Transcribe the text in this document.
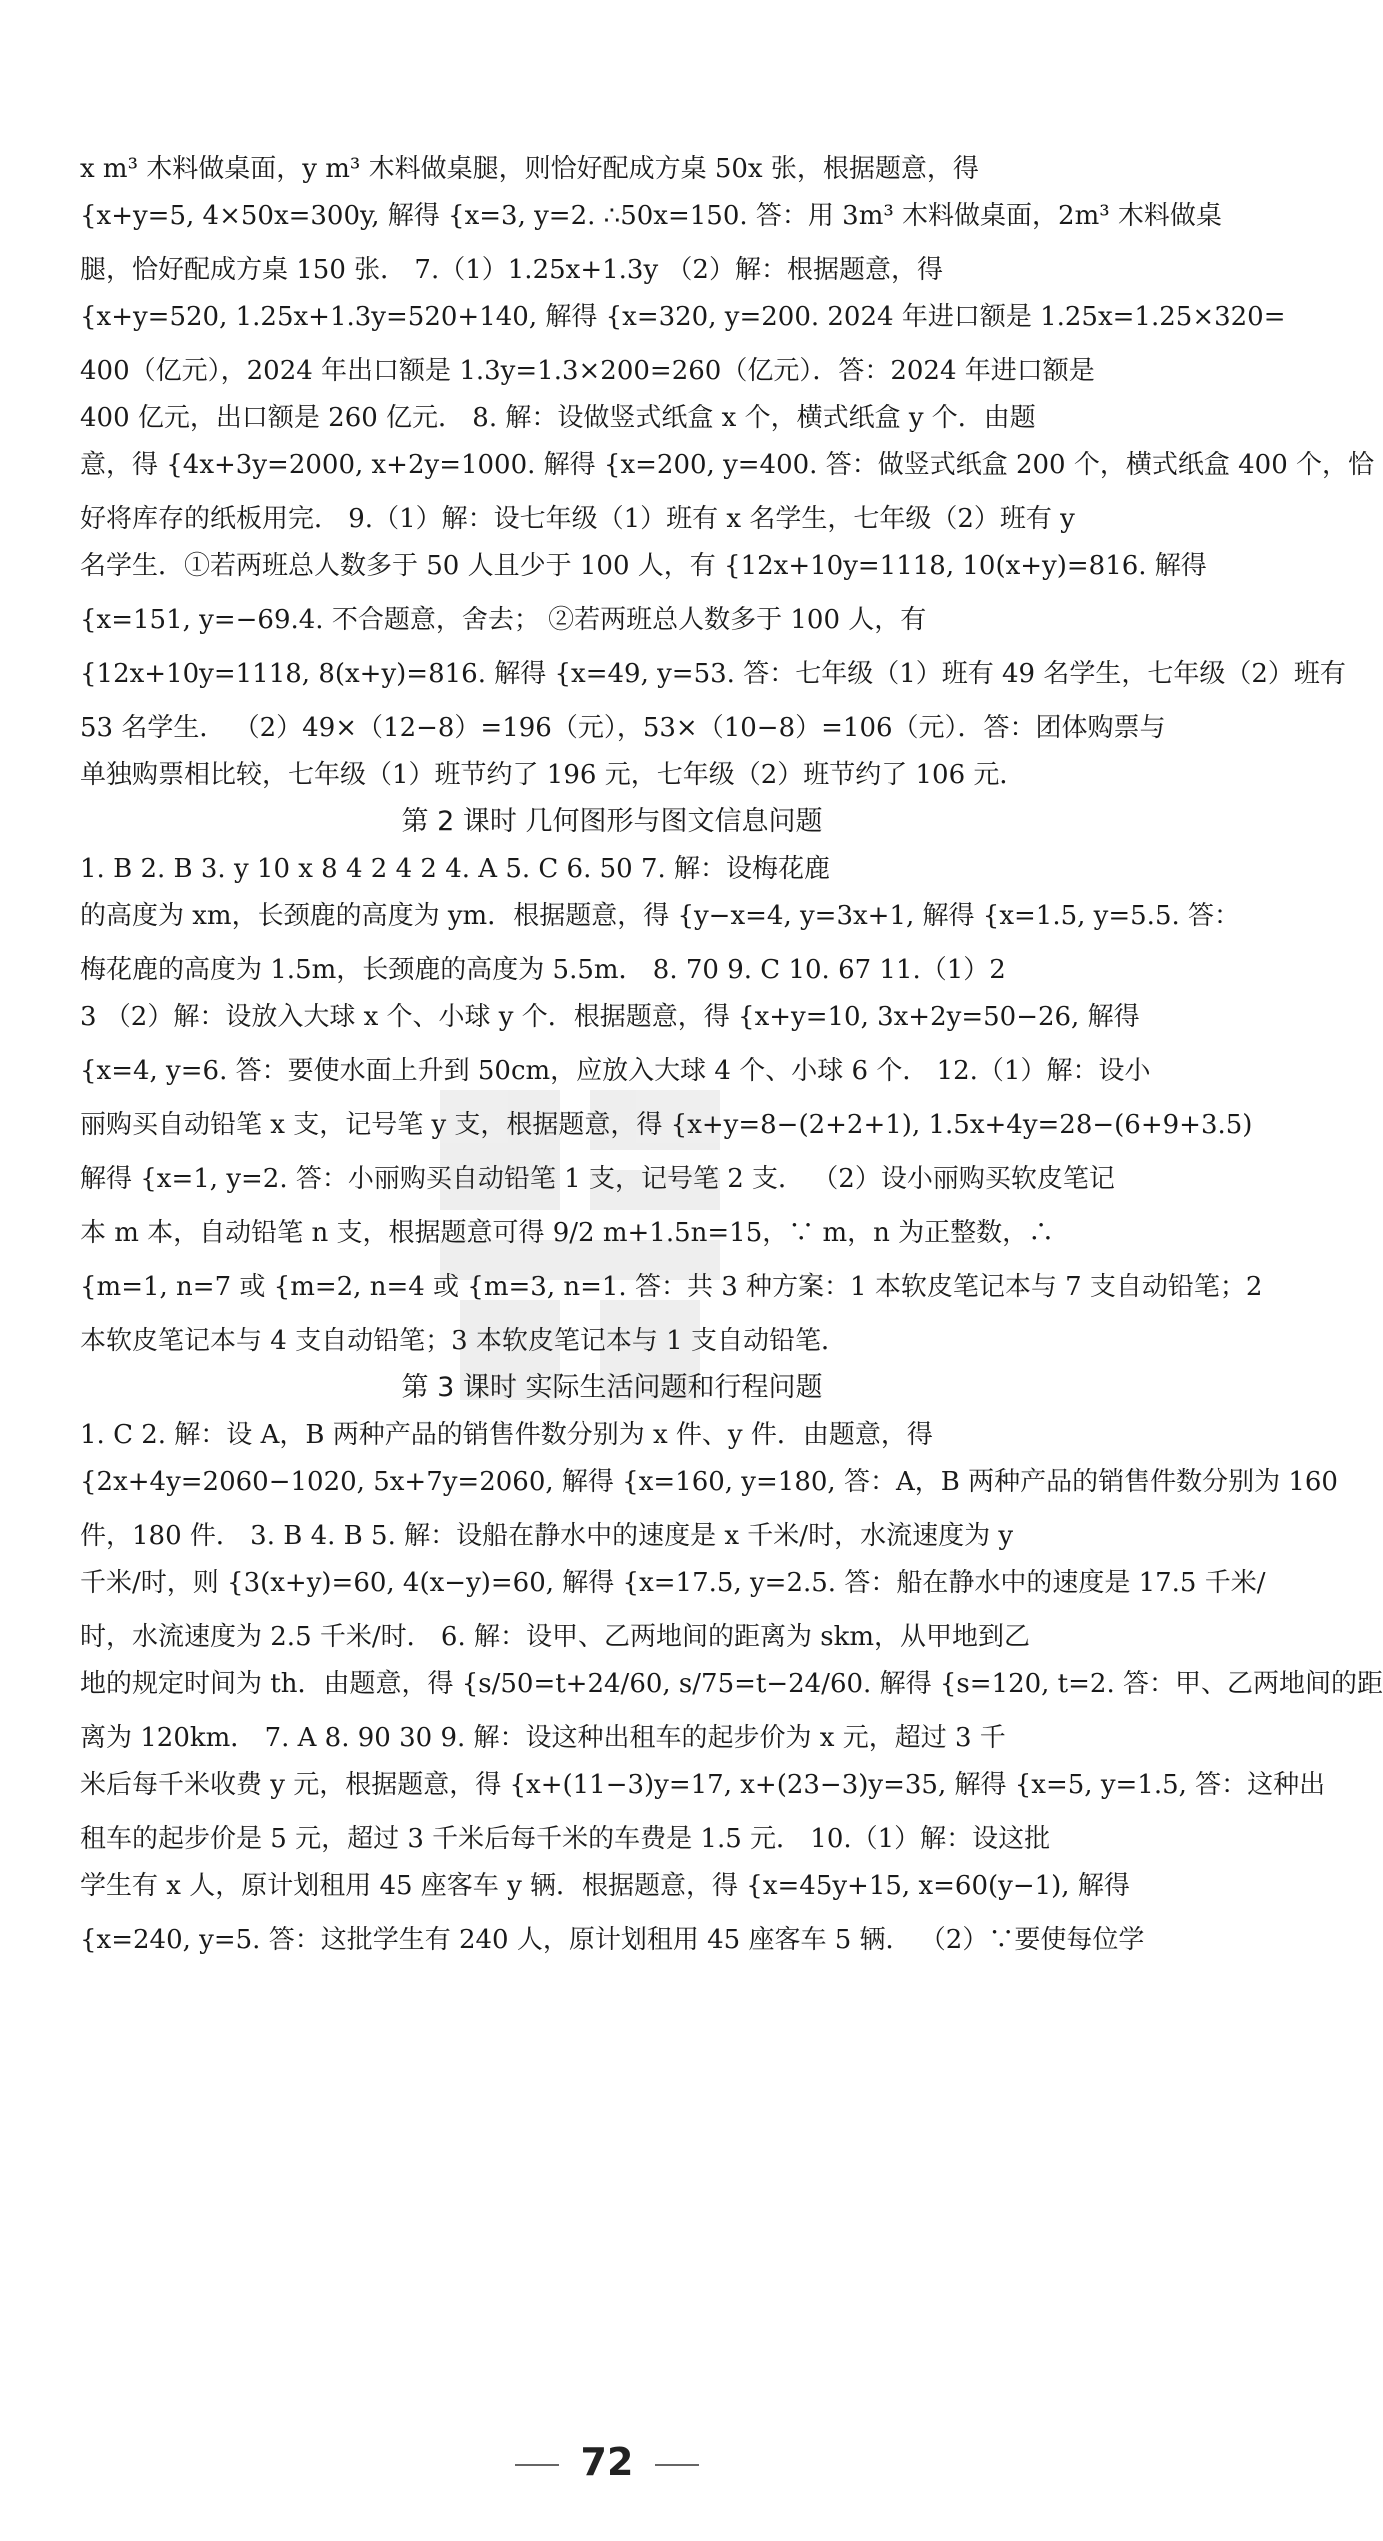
x m³ 木料做桌面，y m³ 木料做桌腿，则恰好配成方桌 50x 张，根据题意，得
{x+y=5, 4×50x=300y, 解得 {x=3, y=2. ∴50x=150. 答：用 3m³ 木料做桌面，2m³ 木料做桌
腿，恰好配成方桌 150 张． 7.（1）1.25x+1.3y （2）解：根据题意，得
{x+y=520, 1.25x+1.3y=520+140, 解得 {x=320, y=200. 2024 年进口额是 1.25x=1.25×320=
400（亿元），2024 年出口额是 1.3y=1.3×200=260（亿元）．答：2024 年进口额是
400 亿元，出口额是 260 亿元． 8. 解：设做竖式纸盒 x 个，横式纸盒 y 个．由题
意，得 {4x+3y=2000, x+2y=1000. 解得 {x=200, y=400. 答：做竖式纸盒 200 个，横式纸盒 400 个，恰
好将库存的纸板用完． 9.（1）解：设七年级（1）班有 x 名学生，七年级（2）班有 y
名学生．①若两班总人数多于 50 人且少于 100 人，有 {12x+10y=1118, 10(x+y)=816. 解得
{x=151, y=−69.4. 不合题意，舍去； ②若两班总人数多于 100 人，有
{12x+10y=1118, 8(x+y)=816. 解得 {x=49, y=53. 答：七年级（1）班有 49 名学生，七年级（2）班有
53 名学生． （2）49×（12−8）=196（元），53×（10−8）=106（元）．答：团体购票与
单独购票相比较，七年级（1）班节约了 196 元，七年级（2）班节约了 106 元．
第 2 课时 几何图形与图文信息问题
1. B 2. B 3. y 10 x 8 4 2 4 2 4. A 5. C 6. 50 7. 解：设梅花鹿
的高度为 xm，长颈鹿的高度为 ym．根据题意，得 {y−x=4, y=3x+1, 解得 {x=1.5, y=5.5. 答：
梅花鹿的高度为 1.5m，长颈鹿的高度为 5.5m． 8. 70 9. C 10. 67 11.（1）2
3 （2）解：设放入大球 x 个、小球 y 个．根据题意，得 {x+y=10, 3x+2y=50−26, 解得
{x=4, y=6. 答：要使水面上升到 50cm，应放入大球 4 个、小球 6 个． 12.（1）解：设小
丽购买自动铅笔 x 支，记号笔 y 支，根据题意，得 {x+y=8−(2+2+1), 1.5x+4y=28−(6+9+3.5)
解得 {x=1, y=2. 答：小丽购买自动铅笔 1 支，记号笔 2 支． （2）设小丽购买软皮笔记
本 m 本，自动铅笔 n 支，根据题意可得 9/2 m+1.5n=15，∵ m，n 为正整数，∴
{m=1, n=7 或 {m=2, n=4 或 {m=3, n=1. 答：共 3 种方案：1 本软皮笔记本与 7 支自动铅笔；2
本软皮笔记本与 4 支自动铅笔；3 本软皮笔记本与 1 支自动铅笔．
第 3 课时 实际生活问题和行程问题
1. C 2. 解：设 A，B 两种产品的销售件数分别为 x 件、y 件．由题意，得
{2x+4y=2060−1020, 5x+7y=2060, 解得 {x=160, y=180, 答：A，B 两种产品的销售件数分别为 160
件，180 件． 3. B 4. B 5. 解：设船在静水中的速度是 x 千米/时，水流速度为 y
千米/时，则 {3(x+y)=60, 4(x−y)=60, 解得 {x=17.5, y=2.5. 答：船在静水中的速度是 17.5 千米/
时，水流速度为 2.5 千米/时． 6. 解：设甲、乙两地间的距离为 skm，从甲地到乙
地的规定时间为 th．由题意，得 {s/50=t+24/60, s/75=t−24/60. 解得 {s=120, t=2. 答：甲、乙两地间的距
离为 120km． 7. A 8. 90 30 9. 解：设这种出租车的起步价为 x 元，超过 3 千
米后每千米收费 y 元，根据题意，得 {x+(11−3)y=17, x+(23−3)y=35, 解得 {x=5, y=1.5, 答：这种出
租车的起步价是 5 元，超过 3 千米后每千米的车费是 1.5 元． 10.（1）解：设这批
学生有 x 人，原计划租用 45 座客车 y 辆．根据题意，得 {x=45y+15, x=60(y−1), 解得
{x=240, y=5. 答：这批学生有 240 人，原计划租用 45 座客车 5 辆． （2）∵要使每位学
72
